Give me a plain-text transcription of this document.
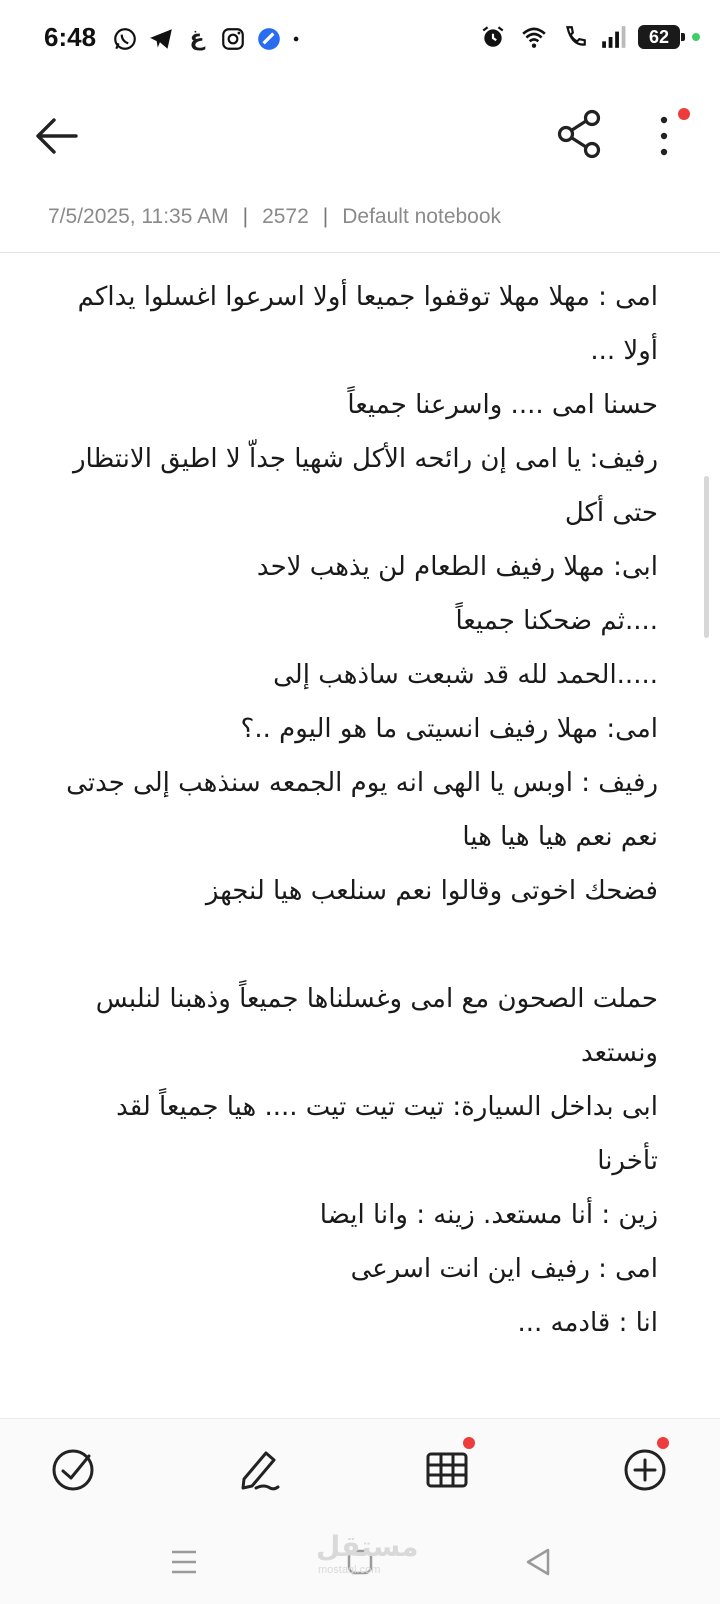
6:48	غ	62
7/5/2025, 11:35 AM | 2572 | Default notebook
امى : مهلا مهلا توقفوا جميعا أولا اسرعوا اغسلوا يداكم أولا ...
حسنا امى .... واسرعنا جميعاً
رفيف: يا امى إن رائحه الأكل شهيا جداّ لا اطيق الانتظار حتى أكل
ابى: مهلا رفيف الطعام لن يذهب لاحد
....ثم ضحكنا جميعاً
.....الحمد لله قد شبعت ساذهب إلى
امى: مهلا رفيف انسيتى ما هو اليوم ..؟
رفيف : اوبس يا الهى انه يوم الجمعه سنذهب إلى جدتى
نعم نعم هيا هيا هيا
فضحك اخوتى وقالوا نعم سنلعب هيا لنجهز
حملت الصحون مع امى وغسلناها جميعاً وذهبنا لنلبس ونستعد
ابى بداخل السيارة: تيت تيت تيت .... هيا جميعاً لقد تأخرنا
زين : أنا مستعد. زينه : وانا ايضا
امى : رفيف اين انت اسرعى
انا : قادمه ...
مستقل
mostaql.com
